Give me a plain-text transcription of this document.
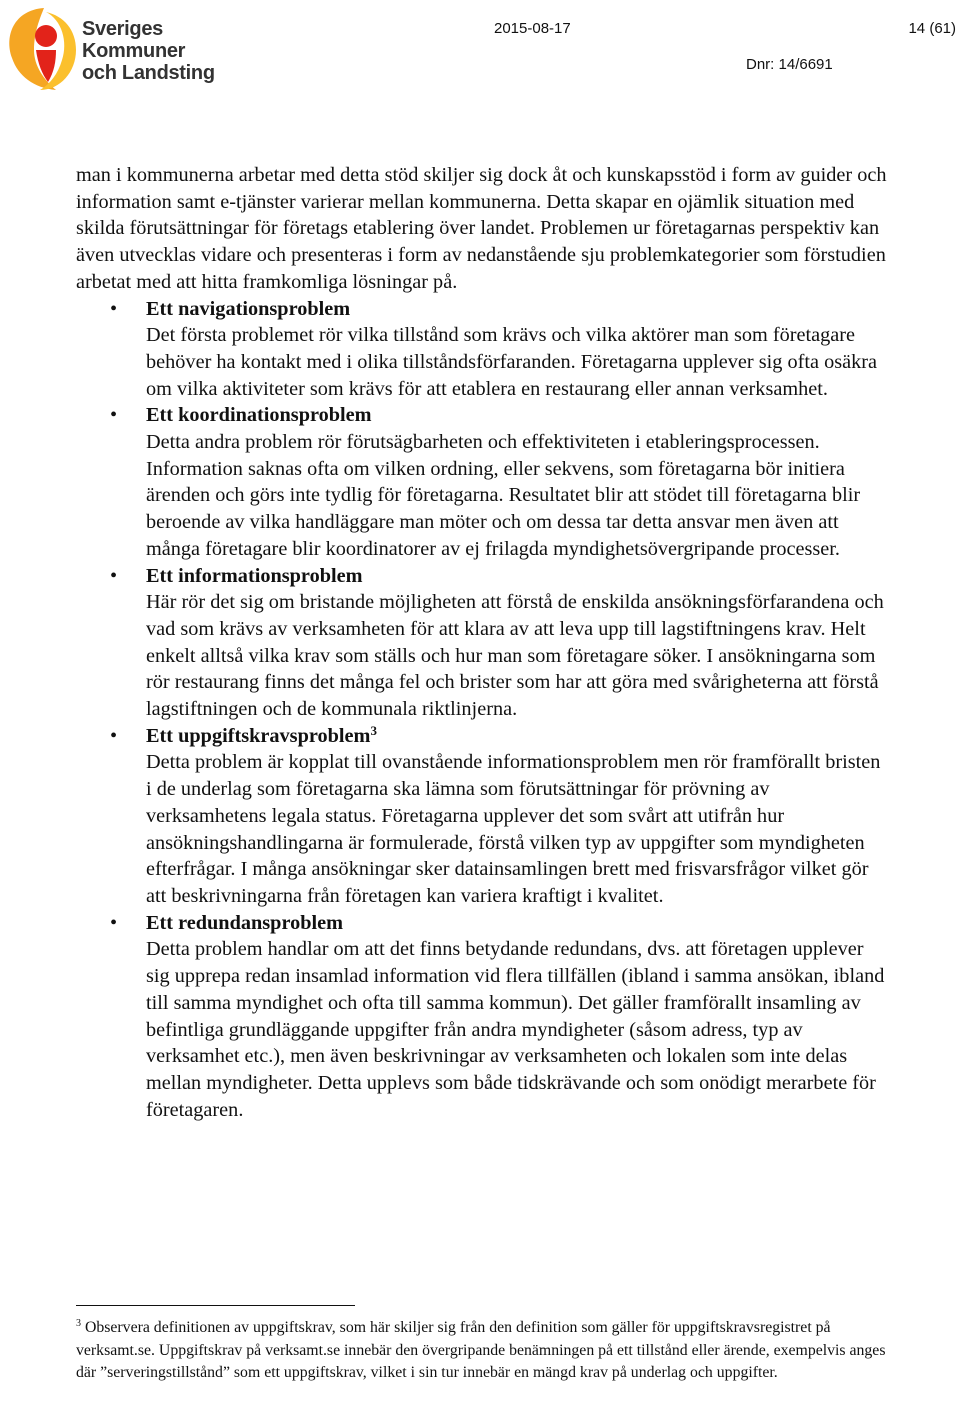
Sveriges
Kommuner
och Landsting
2015-08-17	14 (61)
Dnr: 14/6691

man i kommunerna arbetar med detta stöd skiljer sig dock åt och kunskapsstöd i form av guider och information samt e-tjänster varierar mellan kommunerna. Detta skapar en ojämlik situation med skilda förutsättningar för företags etablering över landet. Problemen ur företagarnas perspektiv kan även utvecklas vidare och presenteras i form av nedanstående sju problemkategorier som förstudien arbetat med att hitta framkomliga lösningar på.

• Ett navigationsproblem
Det första problemet rör vilka tillstånd som krävs och vilka aktörer man som företagare behöver ha kontakt med i olika tillståndsförfaranden. Företagarna upplever sig ofta osäkra om vilka aktiviteter som krävs för att etablera en restaurang eller annan verksamhet.
• Ett koordinationsproblem
Detta andra problem rör förutsägbarheten och effektiviteten i etableringsprocessen. Information saknas ofta om vilken ordning, eller sekvens, som företagarna bör initiera ärenden och görs inte tydlig för företagarna. Resultatet blir att stödet till företagarna blir beroende av vilka handläggare man möter och om dessa tar detta ansvar men även att många företagare blir koordinatorer av ej frilagda myndighetsövergripande processer.
• Ett informationsproblem
Här rör det sig om bristande möjligheten att förstå de enskilda ansökningsförfarandena och vad som krävs av verksamheten för att klara av att leva upp till lagstiftningens krav. Helt enkelt alltså vilka krav som ställs och hur man som företagare söker. I ansökningarna som rör restaurang finns det många fel och brister som har att göra med svårigheterna att förstå lagstiftningen och de kommunala riktlinjerna.
• Ett uppgiftskravsproblem$^3$
Detta problem är kopplat till ovanstående informationsproblem men rör framförallt bristen i de underlag som företagarna ska lämna som förutsättningar för prövning av verksamhetens legala status. Företagarna upplever det som svårt att utifrån hur ansökningshandlingarna är formulerade, förstå vilken typ av uppgifter som myndigheten efterfrågar. I många ansökningar sker datainsamlingen brett med frisvarsfrågor vilket gör att beskrivningarna från företagen kan variera kraftigt i kvalitet.
• Ett redundansproblem
Detta problem handlar om att det finns betydande redundans, dvs. att företagen upplever sig upprepa redan insamlad information vid flera tillfällen (ibland i samma ansökan, ibland till samma myndighet och ofta till samma kommun). Det gäller framförallt insamling av befintliga grundläggande uppgifter från andra myndigheter (såsom adress, typ av verksamhet etc.), men även beskrivningar av verksamheten och lokalen som inte delas mellan myndigheter. Detta upplevs som både tidskrävande och som onödigt merarbete för företagaren.
$^3$ Observera definitionen av uppgiftskrav, som här skiljer sig från den definition som gäller för uppgiftskravsregistret på verksamt.se. Uppgiftskrav på verksamt.se innebär den övergripande benämningen på ett tillstånd eller ärende, exempelvis anges där ”serveringstillstånd” som ett uppgiftskrav, vilket i sin tur innebär en mängd krav på underlag och uppgifter.
